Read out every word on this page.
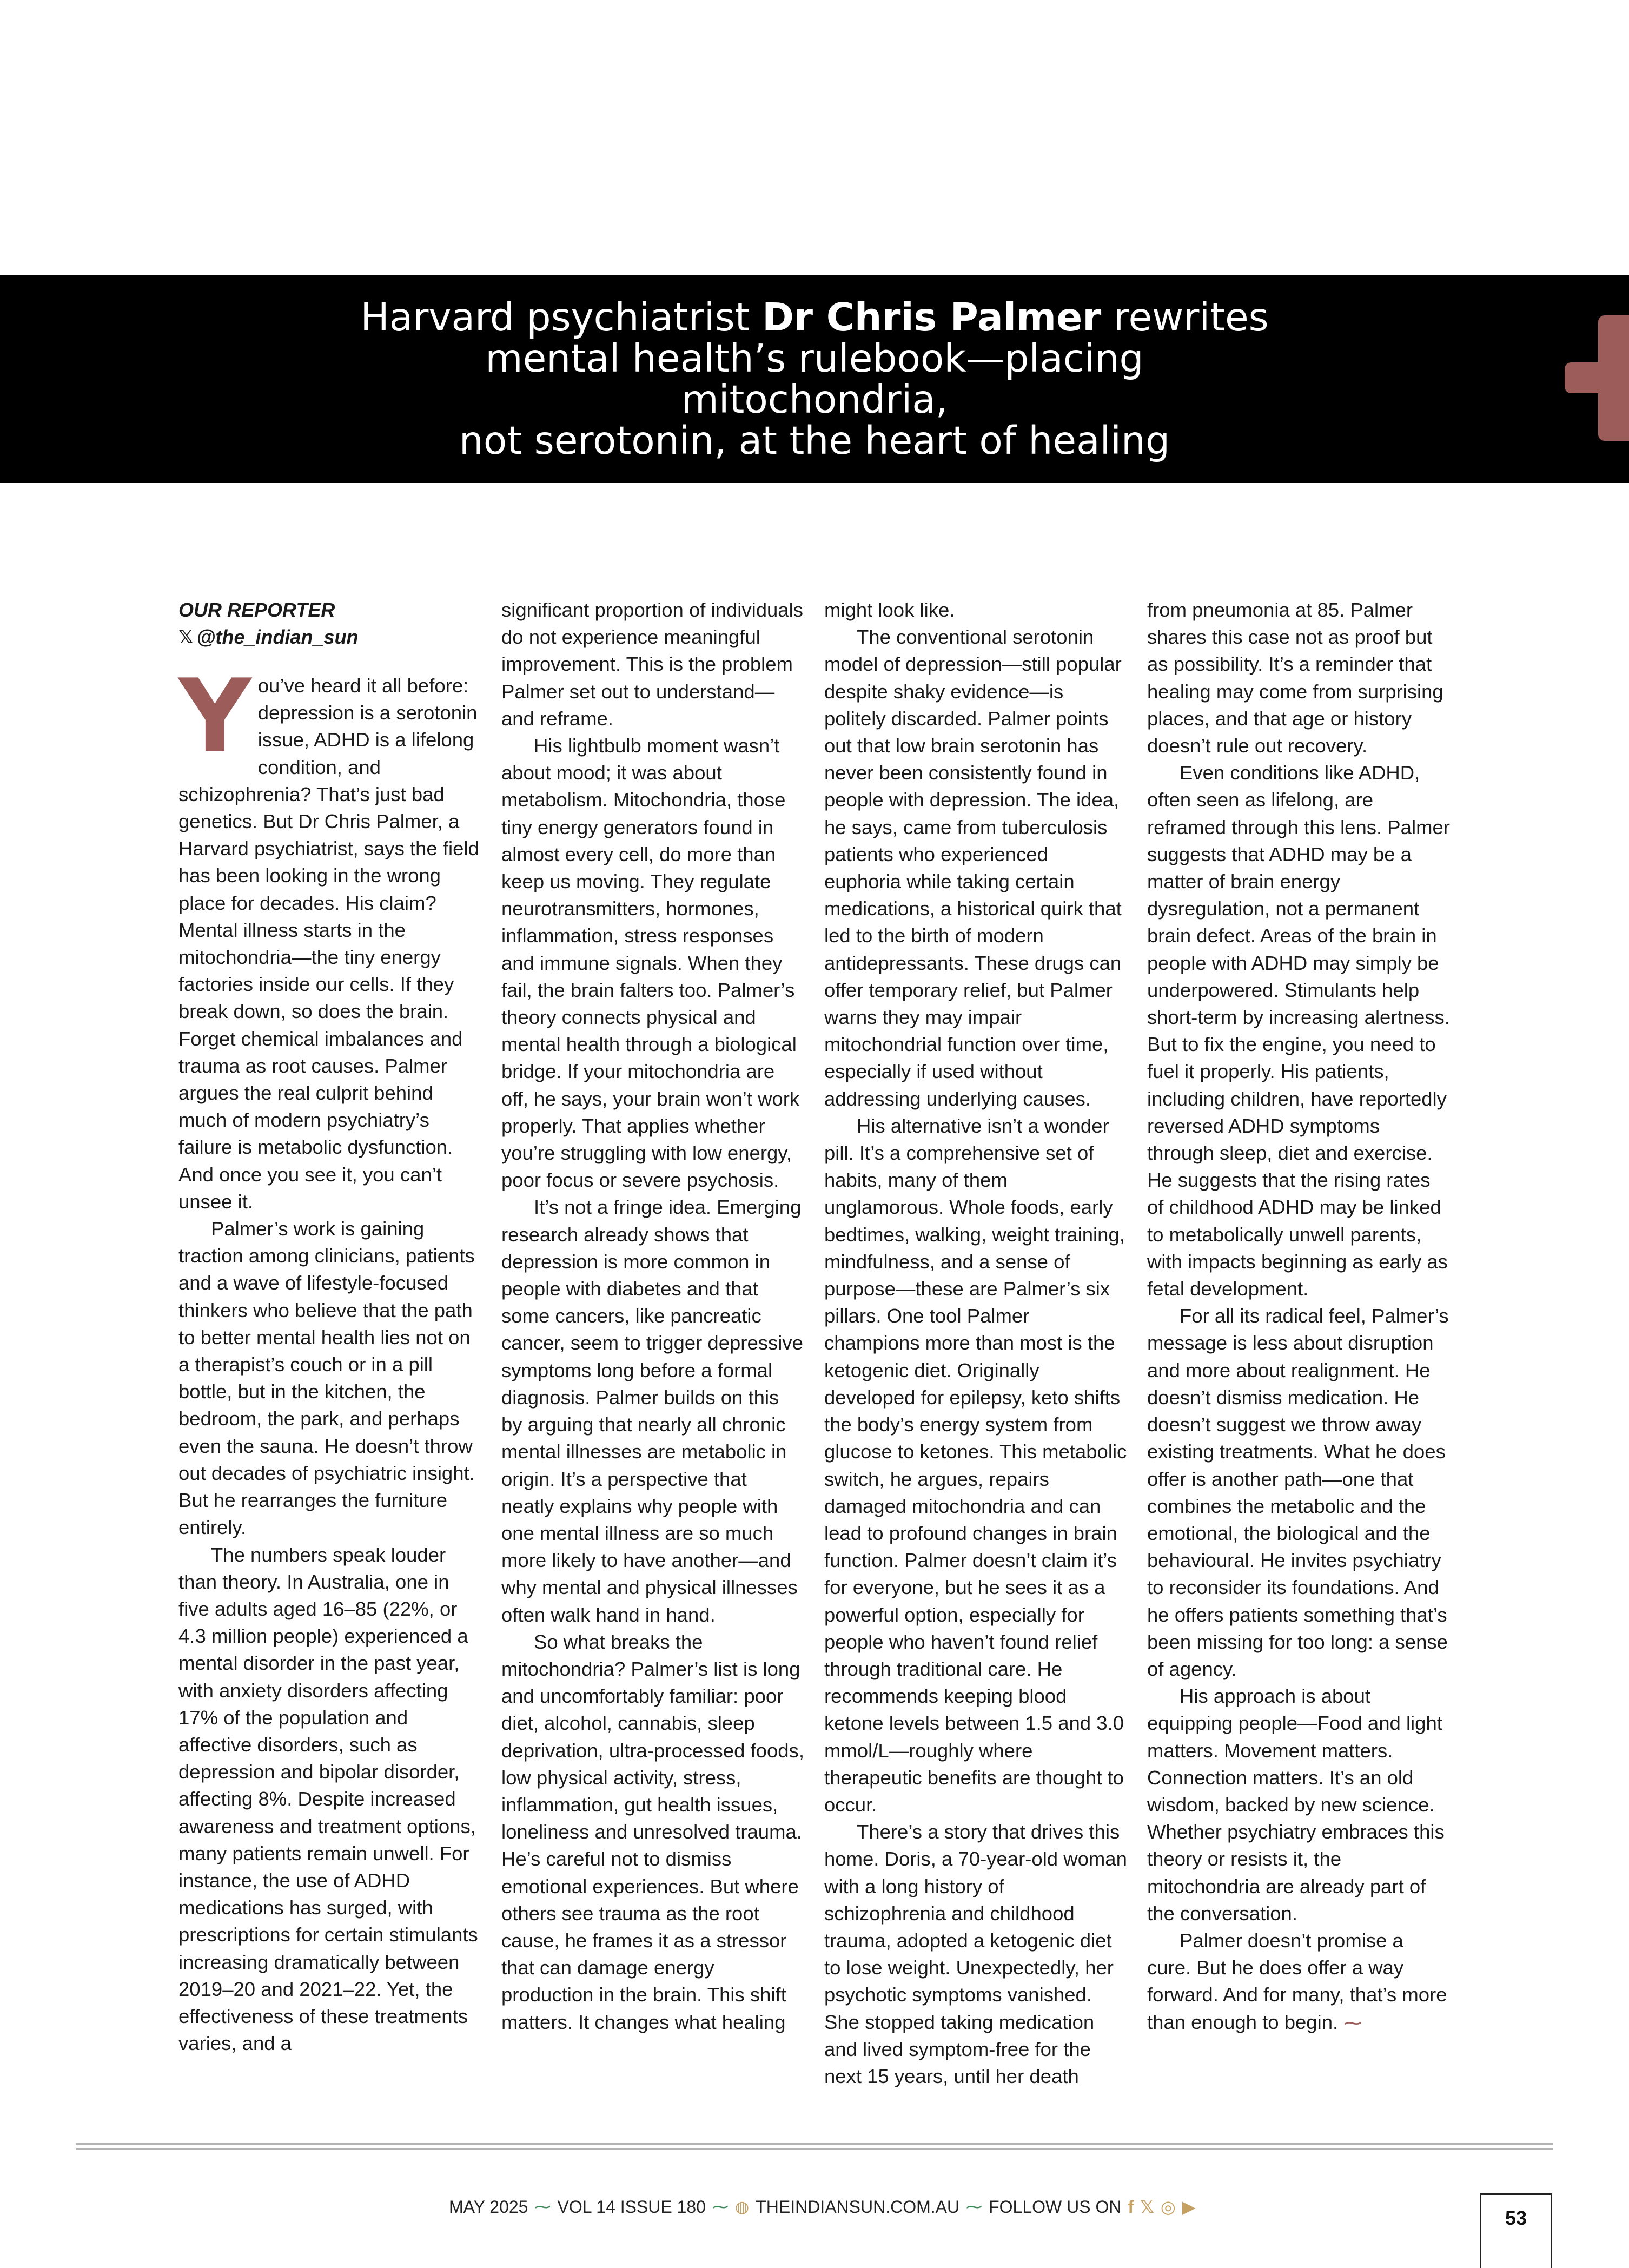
Harvard psychiatrist Dr Chris Palmer rewrites
mental health’s rulebook—placing mitochondria,
not serotonin, at the heart of healing
OUR REPORTER
𝕏 @the_indian_sun

You’ve heard it all before: depression is a serotonin issue, ADHD is a lifelong condition, and schizophrenia? That’s just bad genetics. But Dr Chris Palmer, a Harvard psychiatrist, says the field has been looking in the wrong place for decades. His claim? Mental illness starts in the mitochondria—the tiny energy factories inside our cells. If they break down, so does the brain. Forget chemical imbalances and trauma as root causes. Palmer argues the real culprit behind much of modern psychiatry’s failure is metabolic dysfunction. And once you see it, you can’t unsee it.

Palmer’s work is gaining traction among clinicians, patients and a wave of lifestyle-focused thinkers who believe that the path to better mental health lies not on a therapist’s couch or in a pill bottle, but in the kitchen, the bedroom, the park, and perhaps even the sauna. He doesn’t throw out decades of psychiatric insight. But he rearranges the furniture entirely.

The numbers speak louder than theory. In Australia, one in five adults aged 16–85 (22%, or 4.3 million people) experienced a mental disorder in the past year, with anxiety disorders affecting 17% of the population and affective disorders, such as depression and bipolar disorder, affecting 8%. Despite increased awareness and treatment options, many patients remain unwell. For instance, the use of ADHD medications has surged, with prescriptions for certain stimulants increasing dramatically between 2019–20 and 2021–22. Yet, the effectiveness of these treatments varies, and a

significant proportion of individuals do not experience meaningful improvement. This is the problem Palmer set out to understand—and reframe.

His lightbulb moment wasn’t about mood; it was about metabolism. Mitochondria, those tiny energy generators found in almost every cell, do more than keep us moving. They regulate neurotransmitters, hormones, inflammation, stress responses and immune signals. When they fail, the brain falters too. Palmer’s theory connects physical and mental health through a biological bridge. If your mitochondria are off, he says, your brain won’t work properly. That applies whether you’re struggling with low energy, poor focus or severe psychosis.

It’s not a fringe idea. Emerging research already shows that depression is more common in people with diabetes and that some cancers, like pancreatic cancer, seem to trigger depressive symptoms long before a formal diagnosis. Palmer builds on this by arguing that nearly all chronic mental illnesses are metabolic in origin. It’s a perspective that neatly explains why people with one mental illness are so much more likely to have another—and why mental and physical illnesses often walk hand in hand.

So what breaks the mitochondria? Palmer’s list is long and uncomfortably familiar: poor diet, alcohol, cannabis, sleep deprivation, ultra-processed foods, low physical activity, stress, inflammation, gut health issues, loneliness and unresolved trauma. He’s careful not to dismiss emotional experiences. But where others see trauma as the root cause, he frames it as a stressor that can damage energy production in the brain. This shift matters. It changes what healing

might look like.

The conventional serotonin model of depression—still popular despite shaky evidence—is politely discarded. Palmer points out that low brain serotonin has never been consistently found in people with depression. The idea, he says, came from tuberculosis patients who experienced euphoria while taking certain medications, a historical quirk that led to the birth of modern antidepressants. These drugs can offer temporary relief, but Palmer warns they may impair mitochondrial function over time, especially if used without addressing underlying causes.

His alternative isn’t a wonder pill. It’s a comprehensive set of habits, many of them unglamorous. Whole foods, early bedtimes, walking, weight training, mindfulness, and a sense of purpose—these are Palmer’s six pillars. One tool Palmer champions more than most is the ketogenic diet. Originally developed for epilepsy, keto shifts the body’s energy system from glucose to ketones. This metabolic switch, he argues, repairs damaged mitochondria and can lead to profound changes in brain function. Palmer doesn’t claim it’s for everyone, but he sees it as a powerful option, especially for people who haven’t found relief through traditional care. He recommends keeping blood ketone levels between 1.5 and 3.0 mmol/L—roughly where therapeutic benefits are thought to occur.

There’s a story that drives this home. Doris, a 70-year-old woman with a long history of schizophrenia and childhood trauma, adopted a ketogenic diet to lose weight. Unexpectedly, her psychotic symptoms vanished. She stopped taking medication and lived symptom-free for the next 15 years, until her death

from pneumonia at 85. Palmer shares this case not as proof but as possibility. It’s a reminder that healing may come from surprising places, and that age or history doesn’t rule out recovery.

Even conditions like ADHD, often seen as lifelong, are reframed through this lens. Palmer suggests that ADHD may be a matter of brain energy dysregulation, not a permanent brain defect. Areas of the brain in people with ADHD may simply be underpowered. Stimulants help short-term by increasing alertness. But to fix the engine, you need to fuel it properly. His patients, including children, have reportedly reversed ADHD symptoms through sleep, diet and exercise. He suggests that the rising rates of childhood ADHD may be linked to metabolically unwell parents, with impacts beginning as early as fetal development.

For all its radical feel, Palmer’s message is less about disruption and more about realignment. He doesn’t dismiss medication. He doesn’t suggest we throw away existing treatments. What he does offer is another path—one that combines the metabolic and the emotional, the biological and the behavioural. He invites psychiatry to reconsider its foundations. And he offers patients something that’s been missing for too long: a sense of agency.

His approach is about equipping people—Food and light matters. Movement matters. Connection matters. It’s an old wisdom, backed by new science. Whether psychiatry embraces this theory or resists it, the mitochondria are already part of the conversation.

Palmer doesn’t promise a cure. But he does offer a way forward. And for many, that’s more than enough to begin. ⁓

MAY 2025 ⁓ VOL 14 ISSUE 180 ⁓ ◍ THEINDIANSUN.COM.AU ⁓ FOLLOW US ON f 𝕏 ◎ ▶	53
